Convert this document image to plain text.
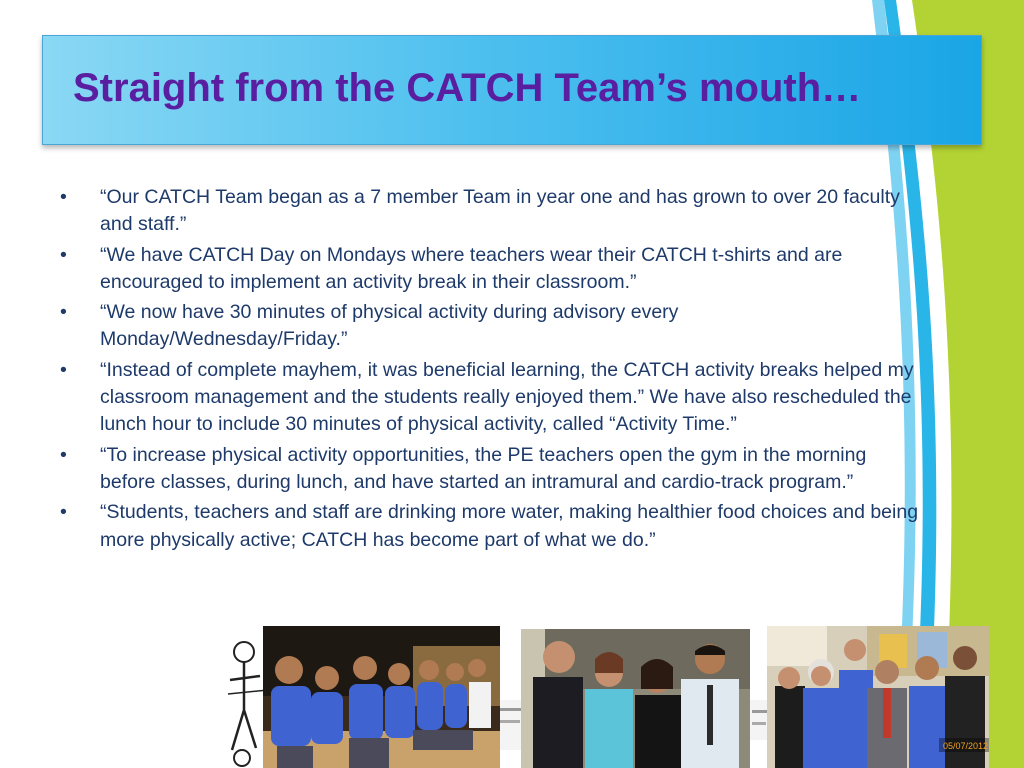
Straight from the CATCH Team’s mouth…
• “Our CATCH Team began as a 7 member Team in year one and has grown to over 20 faculty and staff.”
• “We have CATCH Day on Mondays where teachers wear their CATCH t-shirts and are encouraged to implement an activity break in their classroom.”
• “We now have 30 minutes of physical activity during advisory every Monday/Wednesday/Friday.”
• “Instead of complete mayhem, it was beneficial learning, the CATCH activity breaks helped my classroom management and the students really enjoyed them.” We have also rescheduled the lunch hour to include 30 minutes of physical activity, called “Activity Time.”
• “To increase physical activity opportunities, the PE teachers open the gym in the morning before classes, during lunch, and have started an intramural and cardio-track program.”
• “Students, teachers and staff are drinking more water, making healthier food choices and being more physically active; CATCH has become part of what we do.”
05/07/2012
